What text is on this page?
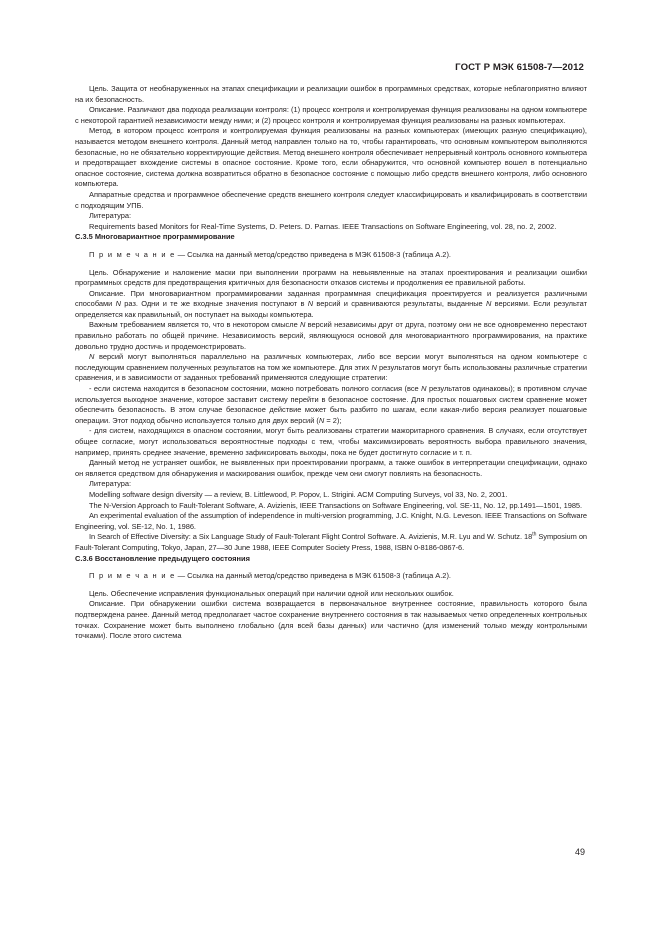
ГОСТ Р МЭК 61508-7—2012

Цель. Защита от необнаруженных на этапах спецификации и реализации ошибок в программных средствах, которые неблагоприятно влияют на их безопасность.

Описание. Различают два подхода реализации контроля: (1) процесс контроля и контролируемая функция реализованы на одном компьютере с некоторой гарантией независимости между ними; и (2) процесс контроля и контролируемая функция реализованы на разных компьютерах.

Метод, в котором процесс контроля и контролируемая функция реализованы на разных компьютерах (имеющих разную спецификацию), называется методом внешнего контроля. Данный метод направлен только на то, чтобы гарантировать, что основным компьютером выполняются безопасные, но не обязательно корректирующие действия. Метод внешнего контроля обеспечивает непрерывный контроль основного компьютера и предотвращает вхождение системы в опасное состояние. Кроме того, если обнаружится, что основной компьютер вошел в потенциально опасное состояние, система должна возвратиться обратно в безопасное состояние с помощью либо средств внешнего контроля, либо основного компьютера.

Аппаратные средства и программное обеспечение средств внешнего контроля следует классифицировать и квалифицировать в соответствии с подходящим УПБ.

Литература:

Requirements based Monitors for Real-Time Systems, D. Peters. D. Parnas. IEEE Transactions on Software Engineering, vol. 28, no. 2, 2002.

С.3.5 Многовариантное программирование

П р и м е ч а н и е — Ссылка на данный метод/средство приведена в МЭК 61508-3 (таблица А.2).

Цель. Обнаружение и наложение маски при выполнении программ на невыявленные на этапах проектирования и реализации ошибки программных средств для предотвращения критичных для безопасности отказов системы и продолжения ее правильной работы.

Описание. При многовариантном программировании заданная программная спецификация проектируется и реализуется различными способами N раз. Одни и те же входные значения поступают в N версий и сравниваются результаты, выданные N версиями. Если результат определяется как правильный, он поступает на выходы компьютера.

Важным требованием является то, что в некотором смысле N версий независимы друг от друга, поэтому они не все одновременно перестают правильно работать по общей причине. Независимость версий, являющуюся основой для многовариантного программирования, на практике довольно трудно достичь и продемонстрировать.

N версий могут выполняться параллельно на различных компьютерах, либо все версии могут выполняться на одном компьютере с последующим сравнением полученных результатов на том же компьютере. Для этих N результатов могут быть использованы различные стратегии сравнения, и в зависимости от заданных требований применяются следующие стратегии:

- если система находится в безопасном состоянии, можно потребовать полного согласия (все N результатов одинаковы); в противном случае используется выходное значение, которое заставит систему перейти в безопасное состояние. Для простых пошаговых систем сравнение может обеспечить безопасность. В этом случае безопасное действие может быть разбито по шагам, если какая-либо версия реализует пошаговые операции. Этот подход обычно используется только для двух версий (N = 2);

- для систем, находящихся в опасном состоянии, могут быть реализованы стратегии мажоритарного сравнения. В случаях, если отсутствует общее согласие, могут использоваться вероятностные подходы с тем, чтобы максимизировать вероятность выбора правильного значения, например, принять среднее значение, временно зафиксировать выходы, пока не будет достигнуто согласие и т. п.

Данный метод не устраняет ошибок, не выявленных при проектировании программ, а также ошибок в интерпретации спецификации, однако он является средством для обнаружения и маскирования ошибок, прежде чем они смогут повлиять на безопасность.

Литература:

Modelling software design diversity — a review, B. Littlewood, P. Popov, L. Strigini. ACM Computing Surveys, vol 33, No. 2, 2001.

The N-Version Approach to Fault-Tolerant Software, A. Avizienis, IEEE Transactions on Software Engineering, vol. SE-11, No. 12, pp.1491—1501, 1985.

An experimental evaluation of the assumption of independence in multi-version programming, J.C. Knight, N.G. Leveson. IEEE Transactions on Software Engineering, vol. SE-12, No. 1, 1986.

In Search of Effective Diversity: a Six Language Study of Fault-Tolerant Flight Control Software. A. Avizienis, M.R. Lyu and W. Schutz. 18th Symposium on Fault-Tolerant Computing, Tokyo, Japan, 27—30 June 1988, IEEE Computer Society Press, 1988, ISBN 0-8186-0867-6.

С.3.6 Восстановление предыдущего состояния

П р и м е ч а н и е — Ссылка на данный метод/средство приведена в МЭК 61508-3 (таблица А.2).

Цель. Обеспечение исправления функциональных операций при наличии одной или нескольких ошибок.

Описание. При обнаружении ошибки система возвращается в первоначальное внутреннее состояние, правильность которого была подтверждена ранее. Данный метод предполагает частое сохранение внутреннего состояния в так называемых четко определенных контрольных точках. Сохранение может быть выполнено глобально (для всей базы данных) или частично (для изменений только между контрольными точками). После этого система

49
